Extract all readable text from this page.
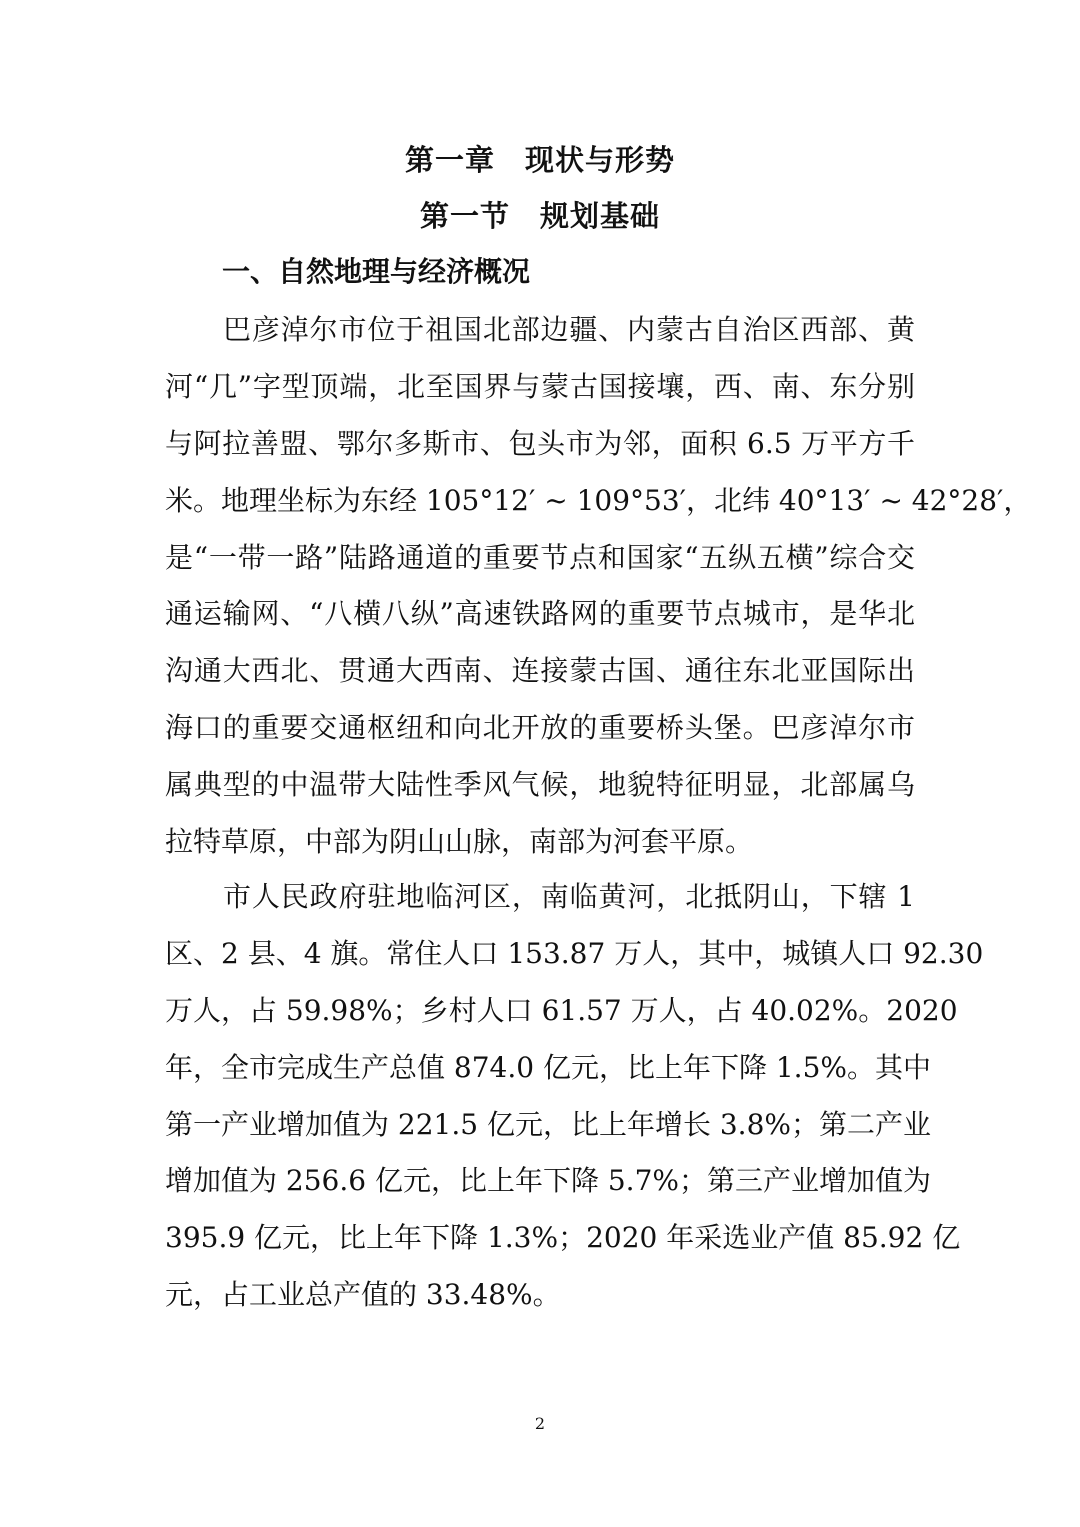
第一章　现状与形势
第一节　规划基础
一、自然地理与经济概况
巴彦淖尔市位于祖国北部边疆、内蒙古自治区西部、黄
河“几”字型顶端，北至国界与蒙古国接壤，西、南、东分别
与阿拉善盟、鄂尔多斯市、包头市为邻，面积 6.5 万平方千
米。地理坐标为东经 105°12′ ~ 109°53′，北纬 40°13′ ~ 42°28′，
是“一带一路”陆路通道的重要节点和国家“五纵五横”综合交
通运输网、“八横八纵”高速铁路网的重要节点城市，是华北
沟通大西北、贯通大西南、连接蒙古国、通往东北亚国际出
海口的重要交通枢纽和向北开放的重要桥头堡。巴彦淖尔市
属典型的中温带大陆性季风气候，地貌特征明显，北部属乌
拉特草原，中部为阴山山脉，南部为河套平原。
市人民政府驻地临河区，南临黄河，北抵阴山，下辖 1
区、2 县、4 旗。常住人口 153.87 万人，其中，城镇人口 92.30
万人，占 59.98%；乡村人口 61.57 万人，占 40.02%。2020
年，全市完成生产总值 874.0 亿元，比上年下降 1.5%。其中
第一产业增加值为 221.5 亿元，比上年增长 3.8%；第二产业
增加值为 256.6 亿元，比上年下降 5.7%；第三产业增加值为
395.9 亿元，比上年下降 1.3%；2020 年采选业产值 85.92 亿
元，占工业总产值的 33.48%。
2
